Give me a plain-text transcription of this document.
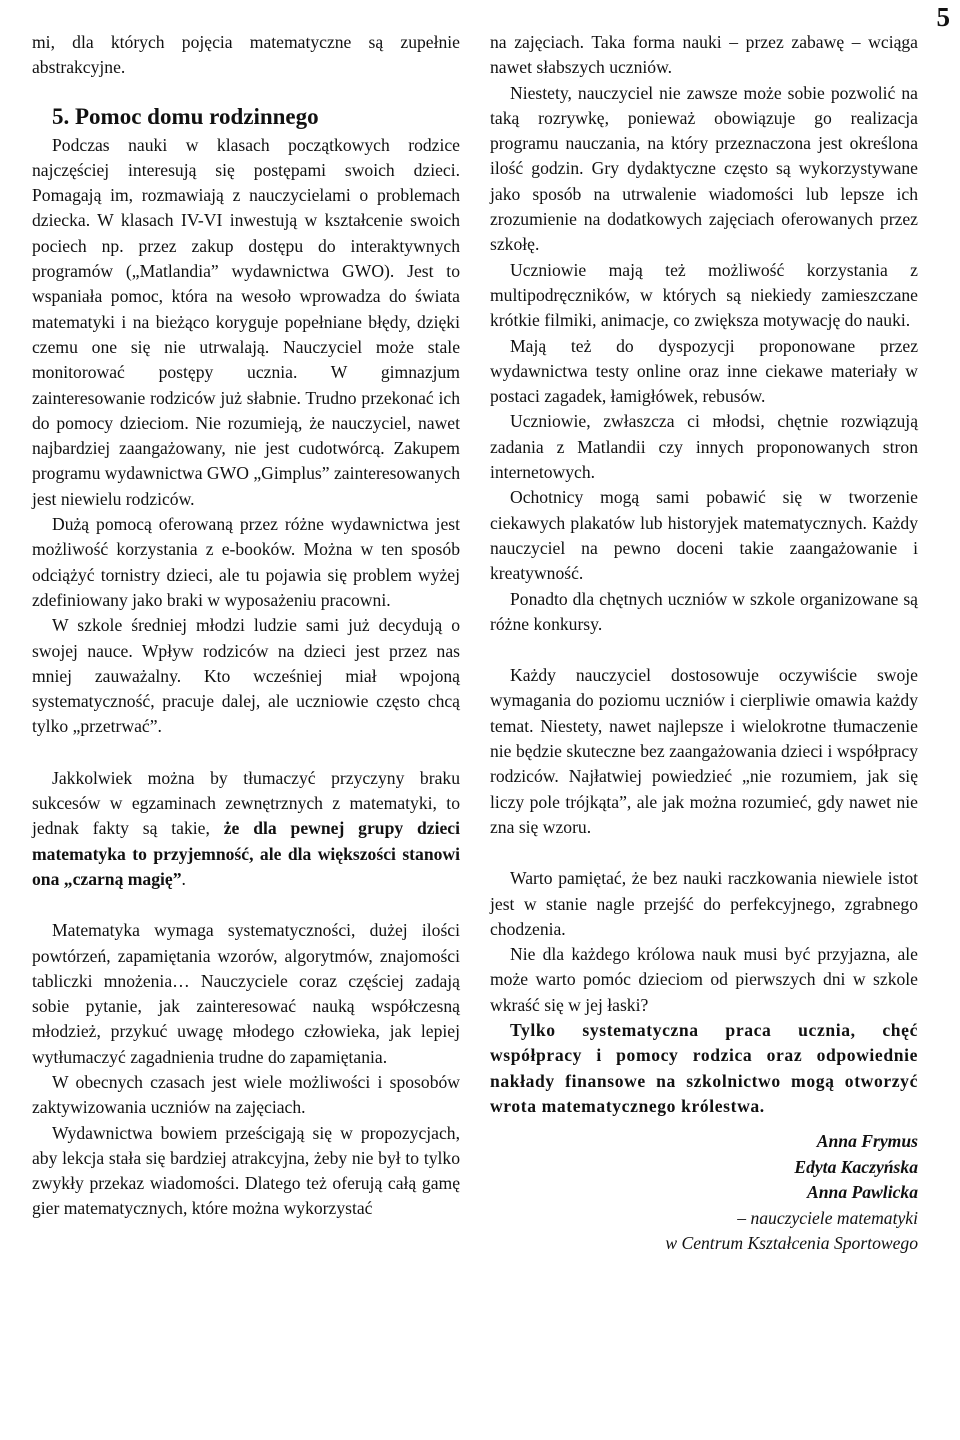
5

mi, dla których pojęcia matematyczne są zupełnie abstrakcyjne.

5. Pomoc domu rodzinnego

Podczas nauki w klasach początkowych rodzice najczęściej interesują się postępami swoich dzieci. Pomagają im, rozmawiają z nauczycielami o problemach dziecka. W klasach IV-VI inwestują w kształcenie swoich pociech np. przez zakup dostępu do interaktywnych programów („Matlandia” wydawnictwa GWO). Jest to wspaniała pomoc, która na wesoło wprowadza do świata matematyki i na bieżąco koryguje popełniane błędy, dzięki czemu one się nie utrwalają. Nauczyciel może stale monitorować postępy ucznia. W gimnazjum zainteresowanie rodziców już słabnie. Trudno przekonać ich do pomocy dzieciom. Nie rozumieją, że nauczyciel, nawet najbardziej zaangażowany, nie jest cudotwórcą. Zakupem programu wydawnictwa GWO „Gimplus” zainteresowanych jest niewielu rodziców.

Dużą pomocą oferowaną przez różne wydawnictwa jest możliwość korzystania z e-booków. Można w ten sposób odciążyć tornistry dzieci, ale tu pojawia się problem wyżej zdefiniowany jako braki w wyposażeniu pracowni.

W szkole średniej młodzi ludzie sami już decydują o swojej nauce. Wpływ rodziców na dzieci jest przez nas mniej zauważalny. Kto wcześniej miał wpojoną systematyczność, pracuje dalej, ale uczniowie często chcą tylko „przetrwać”.

Jakkolwiek można by tłumaczyć przyczyny braku sukcesów w egzaminach zewnętrznych z matematyki, to jednak fakty są takie, że dla pewnej grupy dzieci matematyka to przyjemność, ale dla większości stanowi ona „czarną magię”.

Matematyka wymaga systematyczności, dużej ilości powtórzeń, zapamiętania wzorów, algorytmów, znajomości tabliczki mnożenia… Nauczyciele coraz częściej zadają sobie pytanie, jak zainteresować nauką współczesną młodzież, przykuć uwagę młodego człowieka, jak lepiej wytłumaczyć zagadnienia trudne do zapamiętania.

W obecnych czasach jest wiele możliwości i sposobów zaktywizowania uczniów na zajęciach.

Wydawnictwa bowiem prześcigają się w propozycjach, aby lekcja stała się bardziej atrakcyjna, żeby nie był to tylko zwykły przekaz wiadomości. Dlatego też oferują całą gamę gier matematycznych, które można wykorzystać

na zajęciach. Taka forma nauki – przez zabawę – wciąga nawet słabszych uczniów.

Niestety, nauczyciel nie zawsze może sobie pozwolić na taką rozrywkę, ponieważ obowiązuje go realizacja programu nauczania, na który przeznaczona jest określona ilość godzin. Gry dydaktyczne często są wykorzystywane jako sposób na utrwalenie wiadomości lub lepsze ich zrozumienie na dodatkowych zajęciach oferowanych przez szkołę.

Uczniowie mają też możliwość korzystania z multipodręczników, w których są niekiedy zamieszczane krótkie filmiki, animacje, co zwiększa motywację do nauki.

Mają też do dyspozycji proponowane przez wydawnictwa testy online oraz inne ciekawe materiały w postaci zagadek, łamigłówek, rebusów.

Uczniowie, zwłaszcza ci młodsi, chętnie rozwiązują zadania z Matlandii czy innych proponowanych stron internetowych.

Ochotnicy mogą sami pobawić się w tworzenie ciekawych plakatów lub historyjek matematycznych. Każdy nauczyciel na pewno doceni takie zaangażowanie i kreatywność.

Ponadto dla chętnych uczniów w szkole organizowane są różne konkursy.

Każdy nauczyciel dostosowuje oczywiście swoje wymagania do poziomu uczniów i cierpliwie omawia każdy temat. Niestety, nawet najlepsze i wielokrotne tłumaczenie nie będzie skuteczne bez zaangażowania dzieci i współpracy rodziców. Najłatwiej powiedzieć „nie rozumiem, jak się liczy pole trójkąta”, ale jak można rozumieć, gdy nawet nie zna się wzoru.

Warto pamiętać, że bez nauki raczkowania niewiele istot jest w stanie nagle przejść do perfekcyjnego, zgrabnego chodzenia.

Nie dla każdego królowa nauk musi być przyjazna, ale może warto pomóc dzieciom od pierwszych dni w szkole wkraść się w jej łaski?

Tylko systematyczna praca ucznia, chęć współpracy i pomocy rodzica oraz odpowiednie nakłady finansowe na szkolnictwo mogą otworzyć wrota matematycznego królestwa.

Anna Frymus
Edyta Kaczyńska
Anna Pawlicka
– nauczyciele matematyki
w Centrum Kształcenia Sportowego
